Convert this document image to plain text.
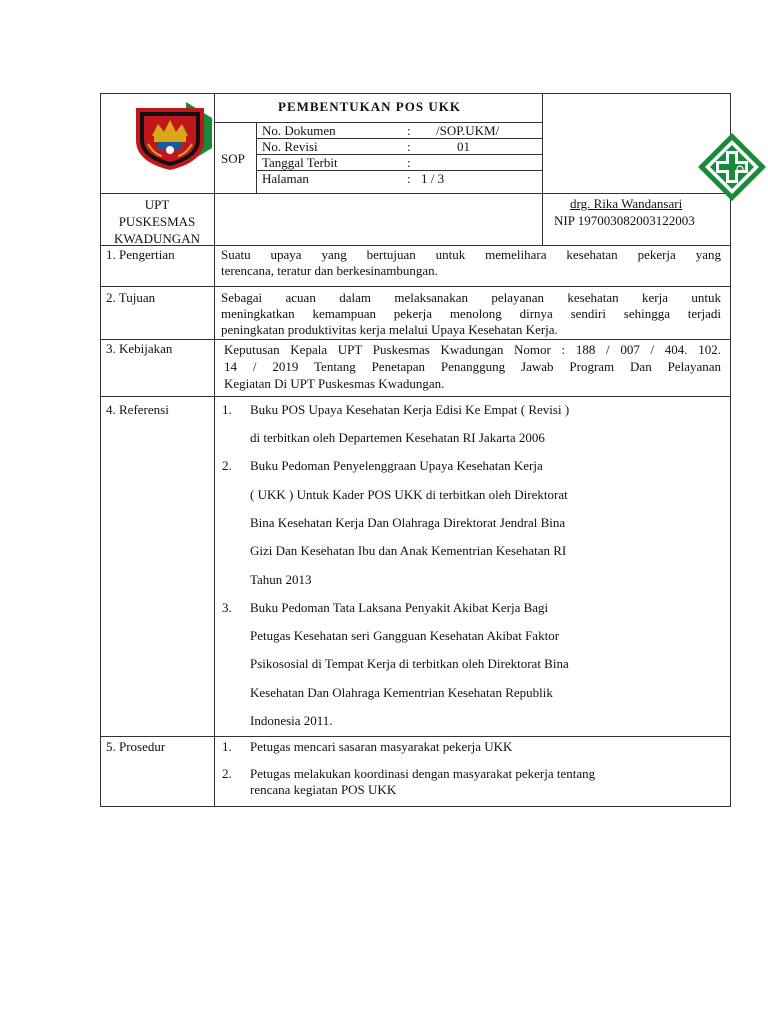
PEMBENTUKAN POS UKK
SOP
No. Dokumen	: /SOP.UKM/
No. Revisi	:	01
Tanggal Terbit	:
Halaman	: 1 / 3
UPT
PUSKESMAS
KWADUNGAN
drg. Rika Wandansari
NIP 197003082003122003
1. Pengertian	Suatu upaya yang bertujuan untuk memelihara kesehatan pekerja yang
terencana, teratur dan berkesinambungan.
2. Tujuan	Sebagai acuan dalam melaksanakan pelayanan kesehatan kerja untuk
meningkatkan kemampuan pekerja menolong dirnya sendiri sehingga terjadi
peningkatan produktivitas kerja melalui Upaya Kesehatan Kerja.
3. Kebijakan	Keputusan Kepala UPT Puskesmas Kwadungan Nomor : 188 / 007 / 404. 102.
14 / 2019 Tentang Penetapan Penanggung Jawab Program Dan Pelayanan
Kegiatan Di UPT Puskesmas Kwadungan.
4. Referensi	1. Buku POS Upaya Kesehatan Kerja Edisi Ke Empat ( Revisi )
di terbitkan oleh Departemen Kesehatan RI Jakarta 2006
2. Buku Pedoman Penyelenggraan Upaya Kesehatan Kerja
( UKK ) Untuk Kader POS UKK di terbitkan oleh Direktorat
Bina Kesehatan Kerja Dan Olahraga Direktorat Jendral Bina
Gizi Dan Kesehatan Ibu dan Anak Kementrian Kesehatan RI
Tahun 2013
3. Buku Pedoman Tata Laksana Penyakit Akibat Kerja Bagi
Petugas Kesehatan seri Gangguan Kesehatan Akibat Faktor
Psikososial di Tempat Kerja di terbitkan oleh Direktorat Bina
Kesehatan Dan Olahraga Kementrian Kesehatan Republik
Indonesia 2011.
5. Prosedur	1. Petugas mencari sasaran masyarakat pekerja UKK
2. Petugas melakukan koordinasi dengan masyarakat pekerja tentang
rencana kegiatan POS UKK
